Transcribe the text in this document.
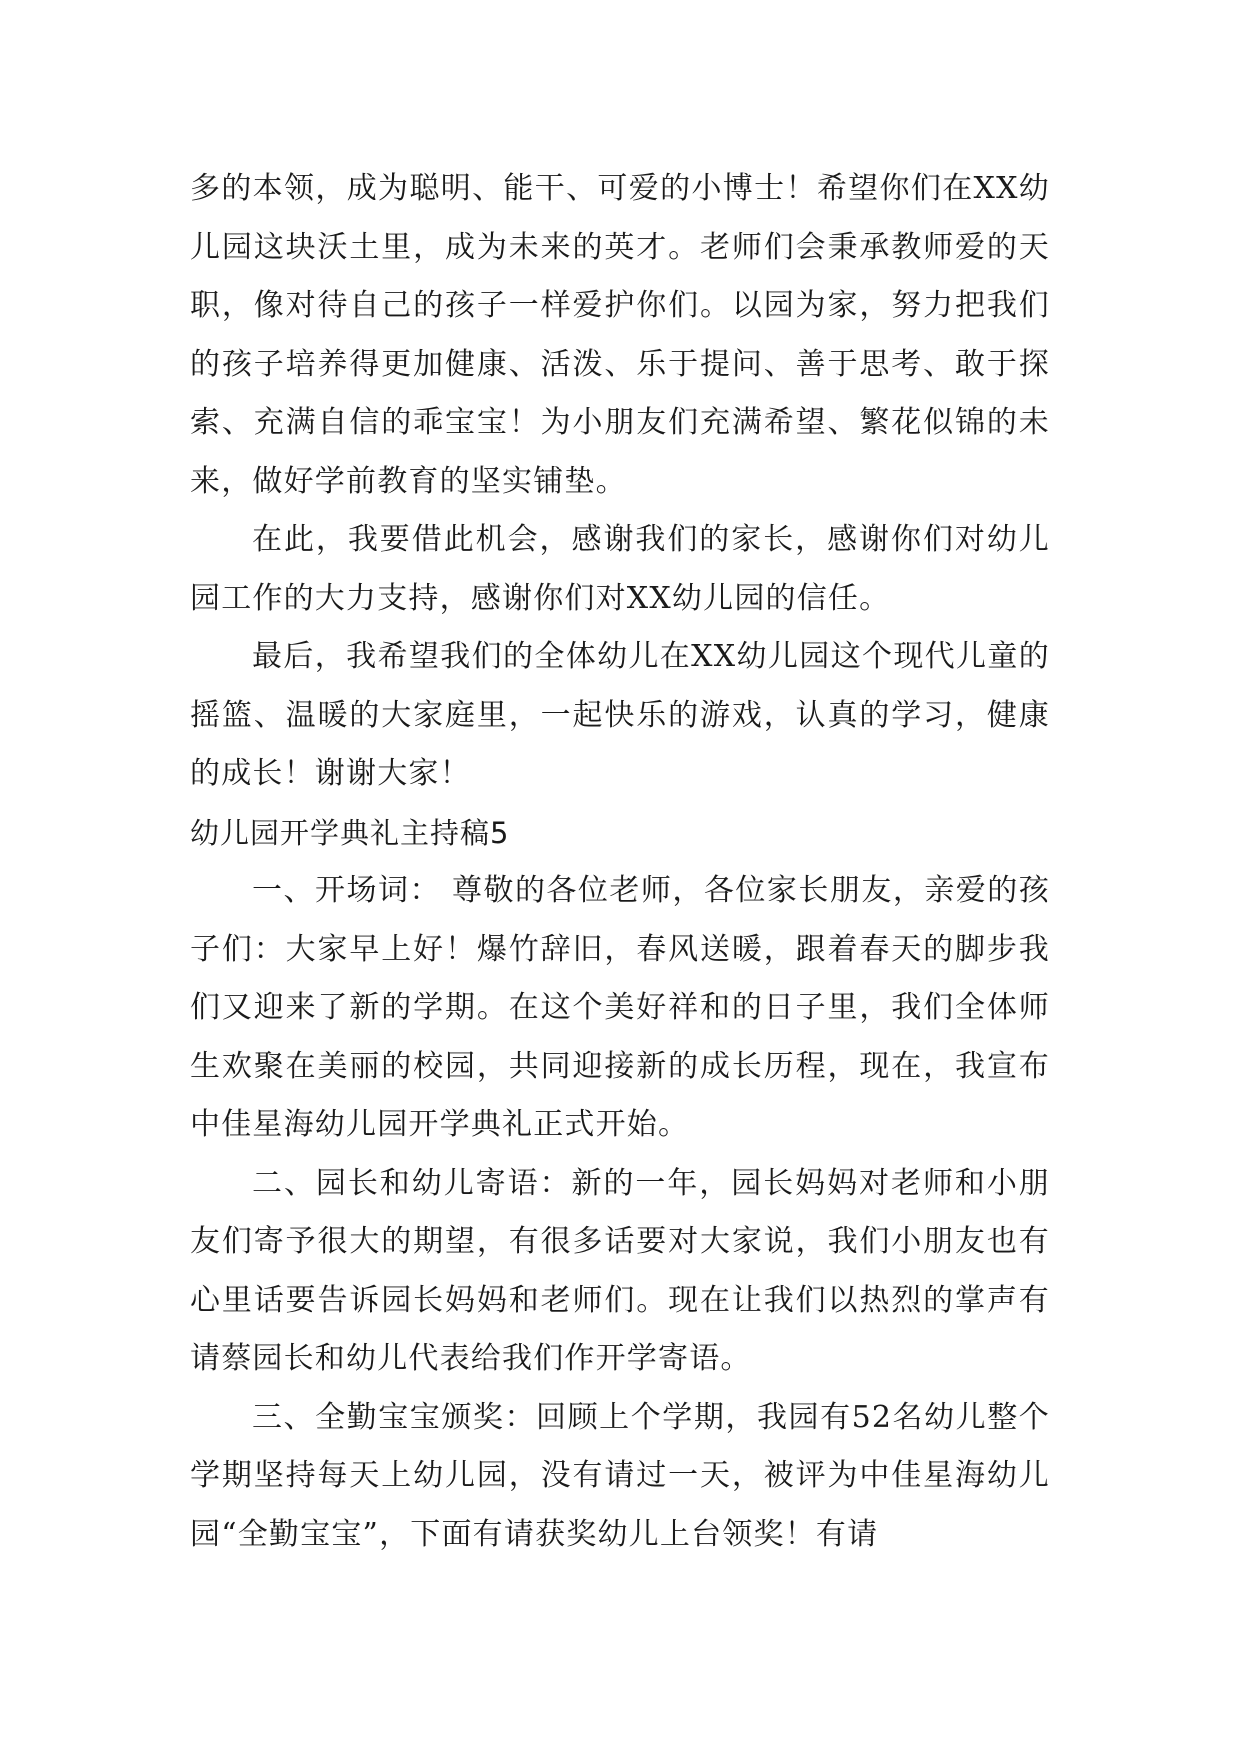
多的本领，成为聪明、能干、可爱的小博士！希望你们在XX幼儿园这块沃土里，成为未来的英才。老师们会秉承教师爱的天职，像对待自己的孩子一样爱护你们。以园为家，努力把我们的孩子培养得更加健康、活泼、乐于提问、善于思考、敢于探索、充满自信的乖宝宝！为小朋友们充满希望、繁花似锦的未来，做好学前教育的坚实铺垫。

在此，我要借此机会，感谢我们的家长，感谢你们对幼儿园工作的大力支持，感谢你们对XX幼儿园的信任。

最后，我希望我们的全体幼儿在XX幼儿园这个现代儿童的摇篮、温暖的大家庭里，一起快乐的游戏，认真的学习，健康的成长！谢谢大家！

幼儿园开学典礼主持稿5

一、开场词： 尊敬的各位老师，各位家长朋友，亲爱的孩子们：大家早上好！爆竹辞旧，春风送暖，跟着春天的脚步我们又迎来了新的学期。在这个美好祥和的日子里，我们全体师生欢聚在美丽的校园，共同迎接新的成长历程，现在，我宣布中佳星海幼儿园开学典礼正式开始。

二、园长和幼儿寄语：新的一年，园长妈妈对老师和小朋友们寄予很大的期望，有很多话要对大家说，我们小朋友也有心里话要告诉园长妈妈和老师们。现在让我们以热烈的掌声有请蔡园长和幼儿代表给我们作开学寄语。

三、全勤宝宝颁奖：回顾上个学期，我园有52名幼儿整个学期坚持每天上幼儿园，没有请过一天，被评为中佳星海幼儿园“全勤宝宝”，下面有请获奖幼儿上台领奖！有请
